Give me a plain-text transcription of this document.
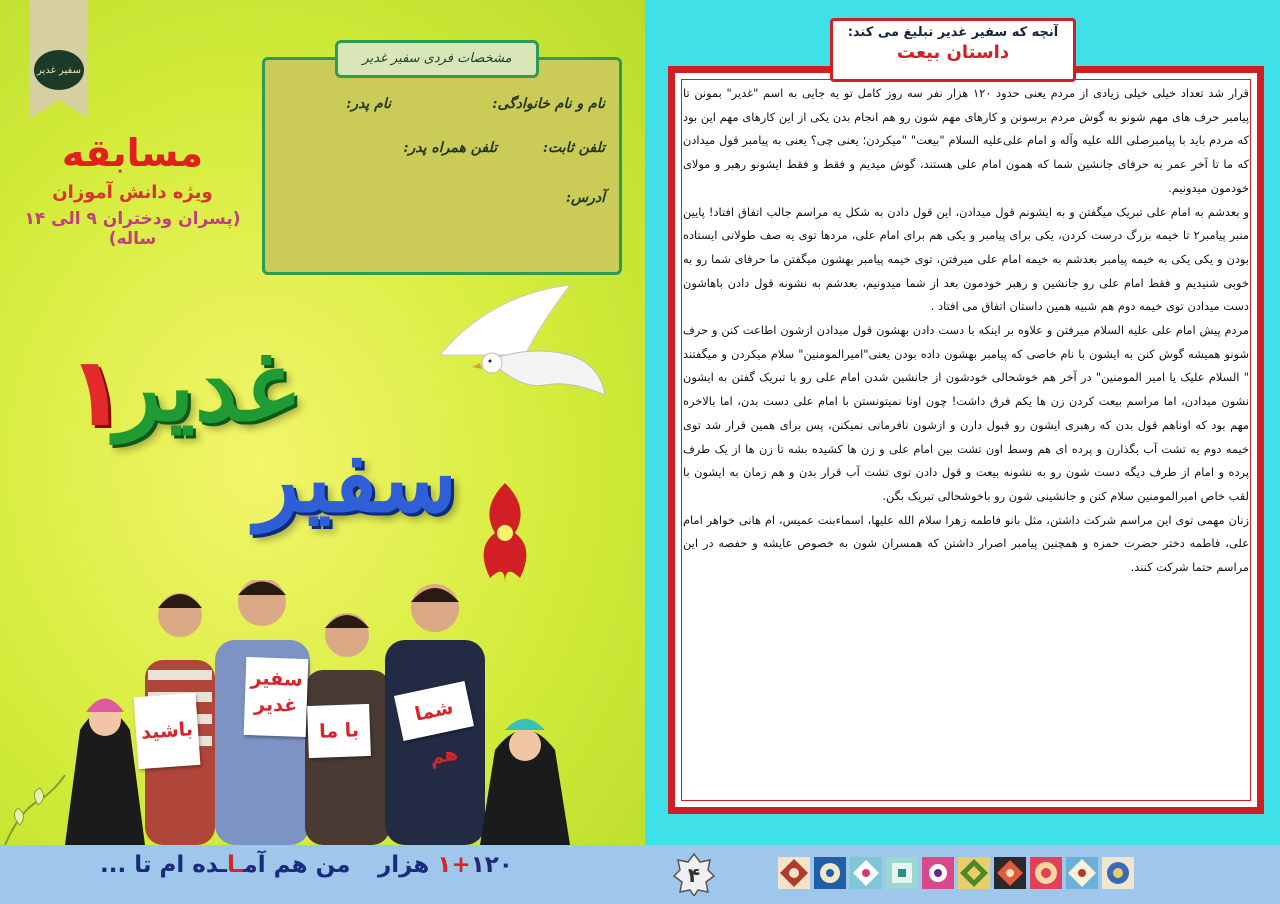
سفیر غدیر
مسابقه
ویژه دانش آموزان
(پسران ودختران ۹ الی ۱۴ ساله)
مشخصات فردی سفیر غدیر
نام و نام خانوادگی:
نام پدر:
تلفن ثابت:
تلفن همراه پدر:
آدرس:
غدیر
۱
سفیر
باشید
سفیر غدیر
با ما
شما هم
آنچه که سفیر غدیر تبلیغ می کند:
داستان بیعت

قرار شد تعداد خیلی خیلی زیادی از مردم یعنی حدود ۱۲۰ هزار نفر سه روز کامل تو یه جایی به اسم "غدیر" بمونن تا پیامبر حرف های مهم شونو به گوش مردم برسونن و کارهای مهم شون رو هم انجام بدن یکی از این کارهای مهم این بود که مردم باید با پیامبرصلی الله علیه وآله و امام علی‌علیه السلام "بیعت" "میکردن؛ یعنی چی؟ یعنی به پیامبر قول میدادن که ما تا آخر عمر به حرفای جانشین شما که همون امام علی هستند، گوش میدیم و فقط و فقط ایشونو رهبر و مولای خودمون میدونیم.

و بعدشم به امام علی تبریک میگفتن و به ایشونم قول میدادن، این قول دادن به شکل یه مراسم جالب اتفاق افتاد! پایین منبر پیامبر۲ تا خیمه بزرگ درست کردن، یکی برای پیامبر و یکی هم برای امام علی، مردها توی یه صف طولانی ایستاده بودن و یکی یکی به خیمه پیامبر بعدشم به خیمه امام علی میرفتن، توی خیمه پیامبر بهشون میگفتن ما حرفای شما رو به خوبی شنیدیم و فقط امام علی رو جانشین و رهبر خودمون بعد از شما میدونیم، بعدشم به نشونه قول دادن باهاشون دست میدادن توی خیمه دوم هم شبیه همین داستان اتفاق می افتاد .

مردم پیش امام علی علیه السلام میرفتن و علاوه بر اینکه با دست دادن بهشون قول میدادن ازشون اطاعت کنن و حرف شونو همیشه گوش کنن به ایشون با نام خاصی که پیامبر بهشون داده بودن یعنی"امیرالمومنین" سلام میکردن و میگفتند " السلام علیک یا امیر المومنین" در آخر هم خوشحالی خودشون از جانشین شدن امام علی رو با تبریک گفتن به ایشون نشون میدادن، اما مراسم بیعت کردن زن ها یکم فرق داشت! چون اونا نمیتونستن با امام علی دست بدن، اما بالاخره مهم بود که اوناهم قول بدن که رهبری ایشون رو قبول دارن و ازشون نافرمانی نمیکنن، پس برای همین قرار شد توی خیمه دوم یه تشت آب بگذارن و پرده ای هم وسط اون تشت بین امام علی و زن ها کشیده بشه تا زن ها از یک طرف پرده و امام از طرف دیگه دست شون رو به نشونه بیعت و قول دادن توی تشت آب قرار بدن و هم زمان به ایشون با لقب خاص امیرالمومنین سلام کنن و جانشینی شون رو باخوشحالی تبریک بگن.

زنان مهمی توی این مراسم شرکت داشتن، مثل بانو فاطمه زهرا سلام الله علیها، اسماءبنت عمیس، ام هانی خواهر امام علی، فاطمه دختر حضرت حمزه و همچنین پیامبر اصرار داشتن که همسران شون به خصوص عایشه و حفصه در این مراسم حتما شرکت کنند.

من هم آمـاـده ام تا ...	۱+۱۲۰ هزار	۴
